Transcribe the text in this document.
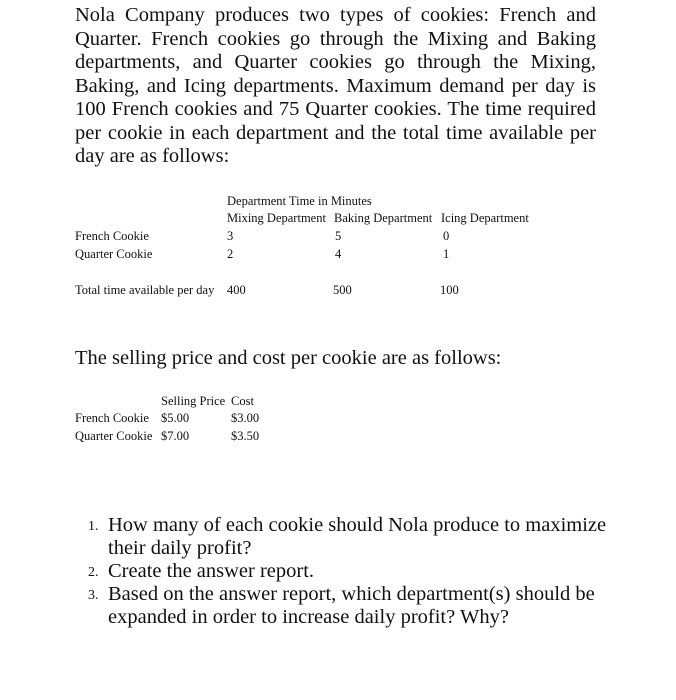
Nola Company produces two types of cookies: French and Quarter. French cookies go through the Mixing and Baking departments, and Quarter cookies go through the Mixing, Baking, and Icing departments. Maximum demand per day is 100 French cookies and 75 Quarter cookies. The time required per cookie in each department and the total time available per day are as follows:

Department Time in Minutes
Mixing Department Baking Department Icing Department
French Cookie	3	5	0
Quarter Cookie	2	4	1
Total time available per day 400	500	100
The selling price and cost per cookie are as follows:
Selling Price Cost
French Cookie $5.00	$3.00
Quarter Cookie $7.00	$3.50
1. How many of each cookie should Nola produce to maximize their daily profit?
2. Create the answer report.
3. Based on the answer report, which department(s) should be expanded in order to increase daily profit? Why?
